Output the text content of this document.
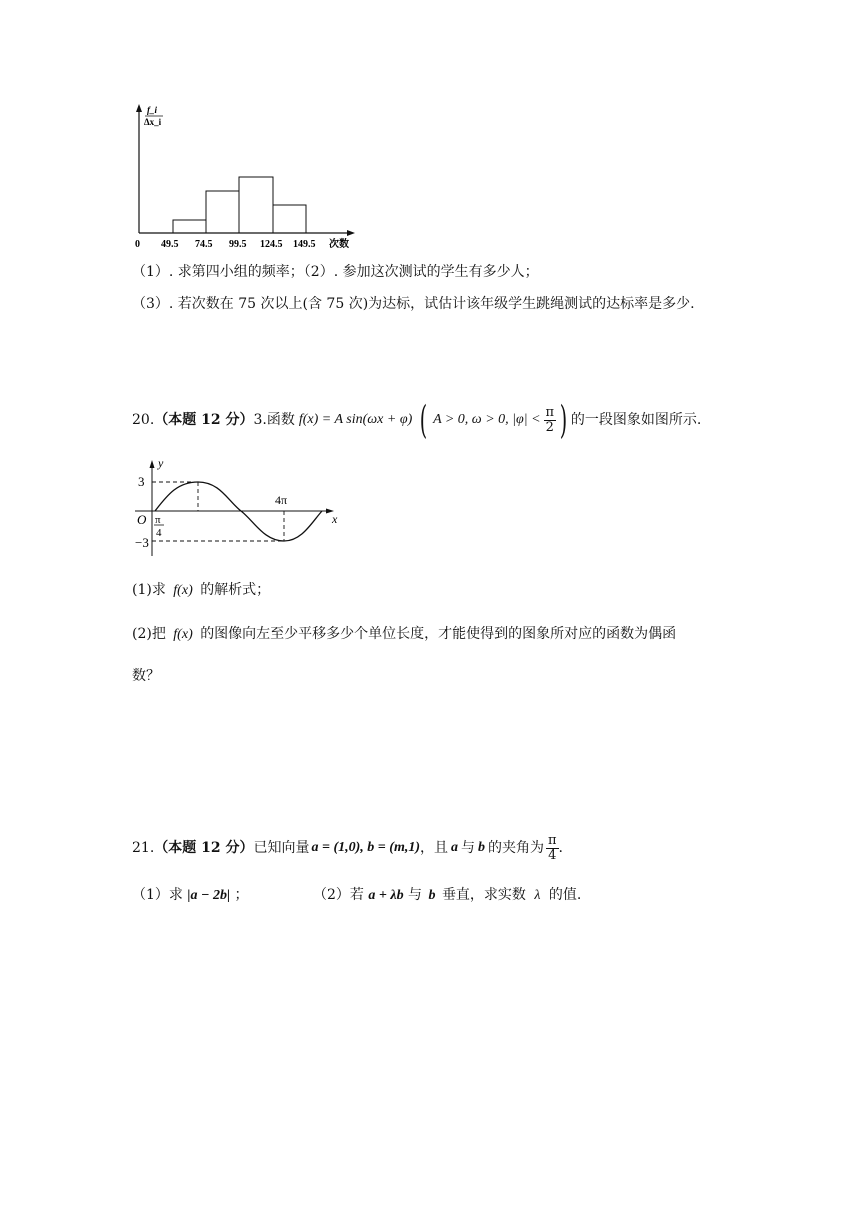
f_i
Δx_i
0 49.5 74.5 99.5 124.5 149.5 次数
（1）. 求第四小组的频率；（2）. 参加这次测试的学生有多少人；
（3）. 若次数在 75 次以上(含 75 次)为达标，试估计该年级学生跳绳测试的达标率是多少.
20. （本题 12 分） 3.函数 f(x) = A sin(ωx + φ) ( A > 0, ω > 0, $|\varphi| < \frac{\pi}{2}$ ) 的一段图象如图所示.
y
x
O
3
−3
π
4
4π
(1)求 f(x) 的解析式；
(2)把 f(x) 的图像向左至少平移多少个单位长度，才能使得到的图象所对应的函数为偶函
数？
21. （本题 12 分） 已知向量 a = (1,0), b = (m,1) ，且 a 与 b 的夹角为 $\frac{\pi}{4}$ .
（1）求 |a − 2b| ；	（2）若 a + λb 与 b 垂直，求实数 λ 的值.
